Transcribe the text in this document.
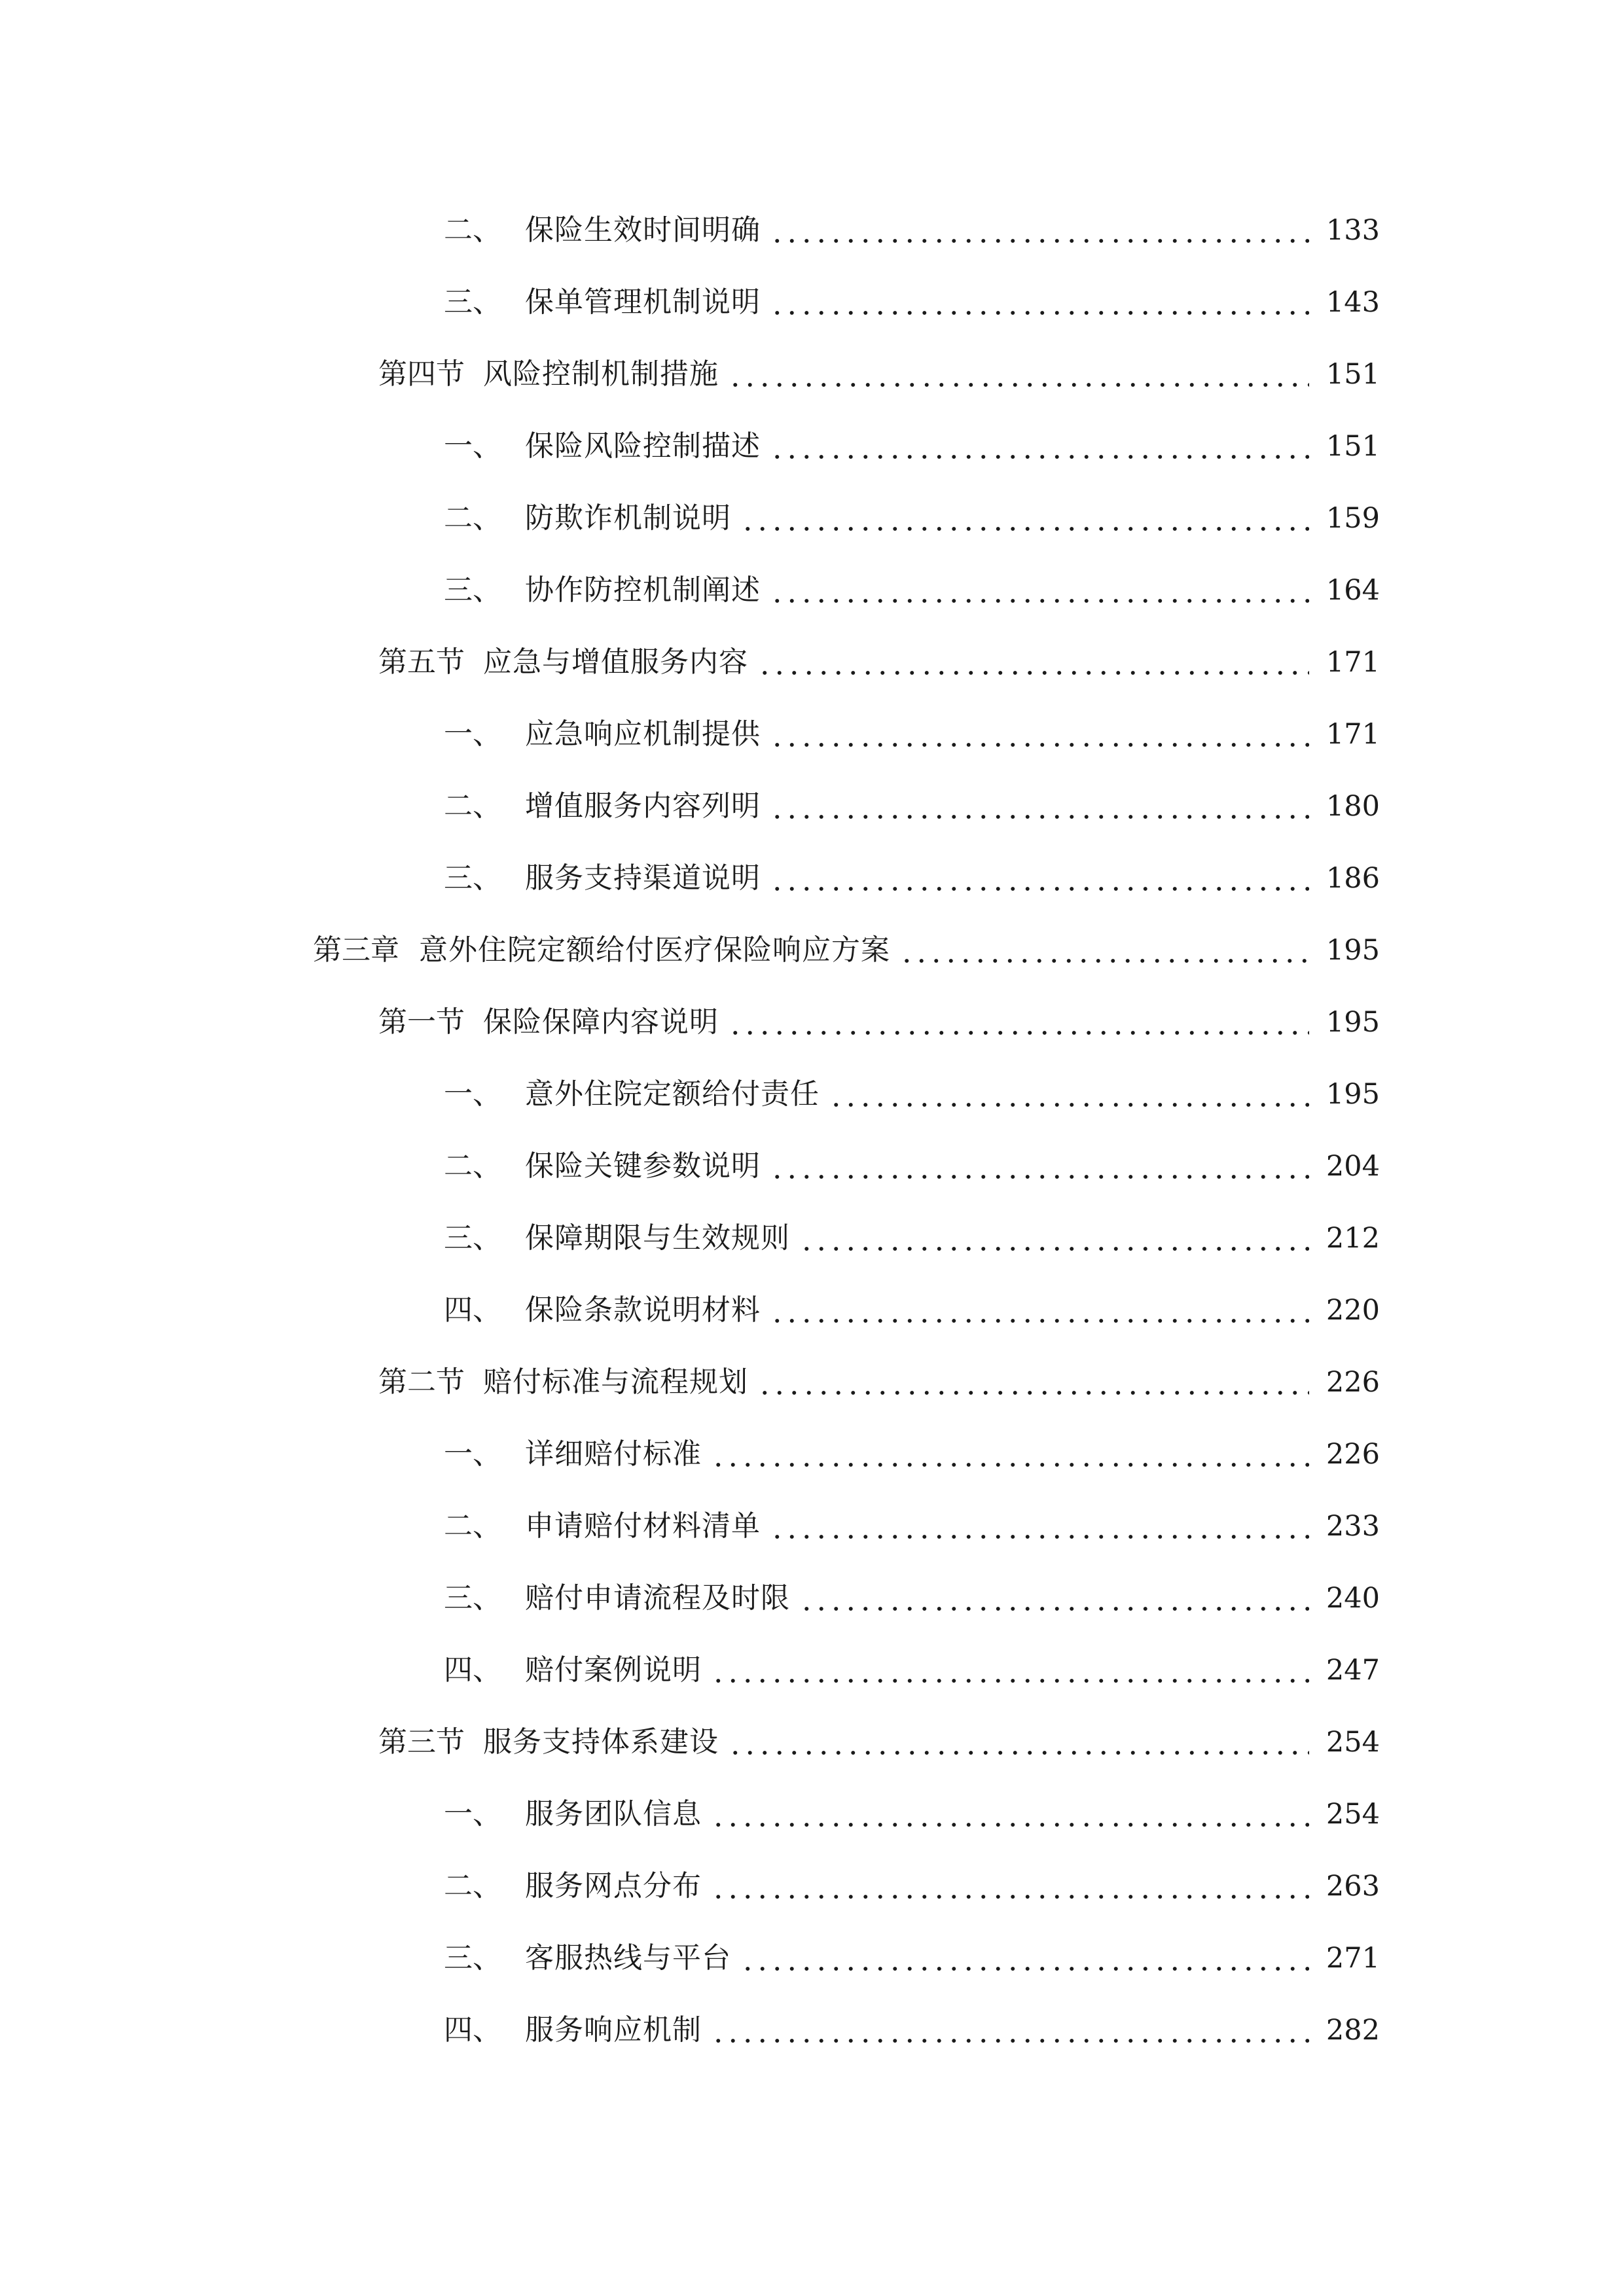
二、 保险生效时间明确	133
三、 保单管理机制说明	143
第四节 风险控制机制措施	151
一、 保险风险控制描述	151
二、 防欺诈机制说明	159
三、 协作防控机制阐述	164
第五节 应急与增值服务内容	171
一、 应急响应机制提供	171
二、 增值服务内容列明	180
三、 服务支持渠道说明	186
第三章 意外住院定额给付医疗保险响应方案	195
第一节 保险保障内容说明	195
一、 意外住院定额给付责任	195
二、 保险关键参数说明	204
三、 保障期限与生效规则	212
四、 保险条款说明材料	220
第二节 赔付标准与流程规划	226
一、 详细赔付标准	226
二、 申请赔付材料清单	233
三、 赔付申请流程及时限	240
四、 赔付案例说明	247
第三节 服务支持体系建设	254
一、 服务团队信息	254
二、 服务网点分布	263
三、 客服热线与平台	271
四、 服务响应机制	282
